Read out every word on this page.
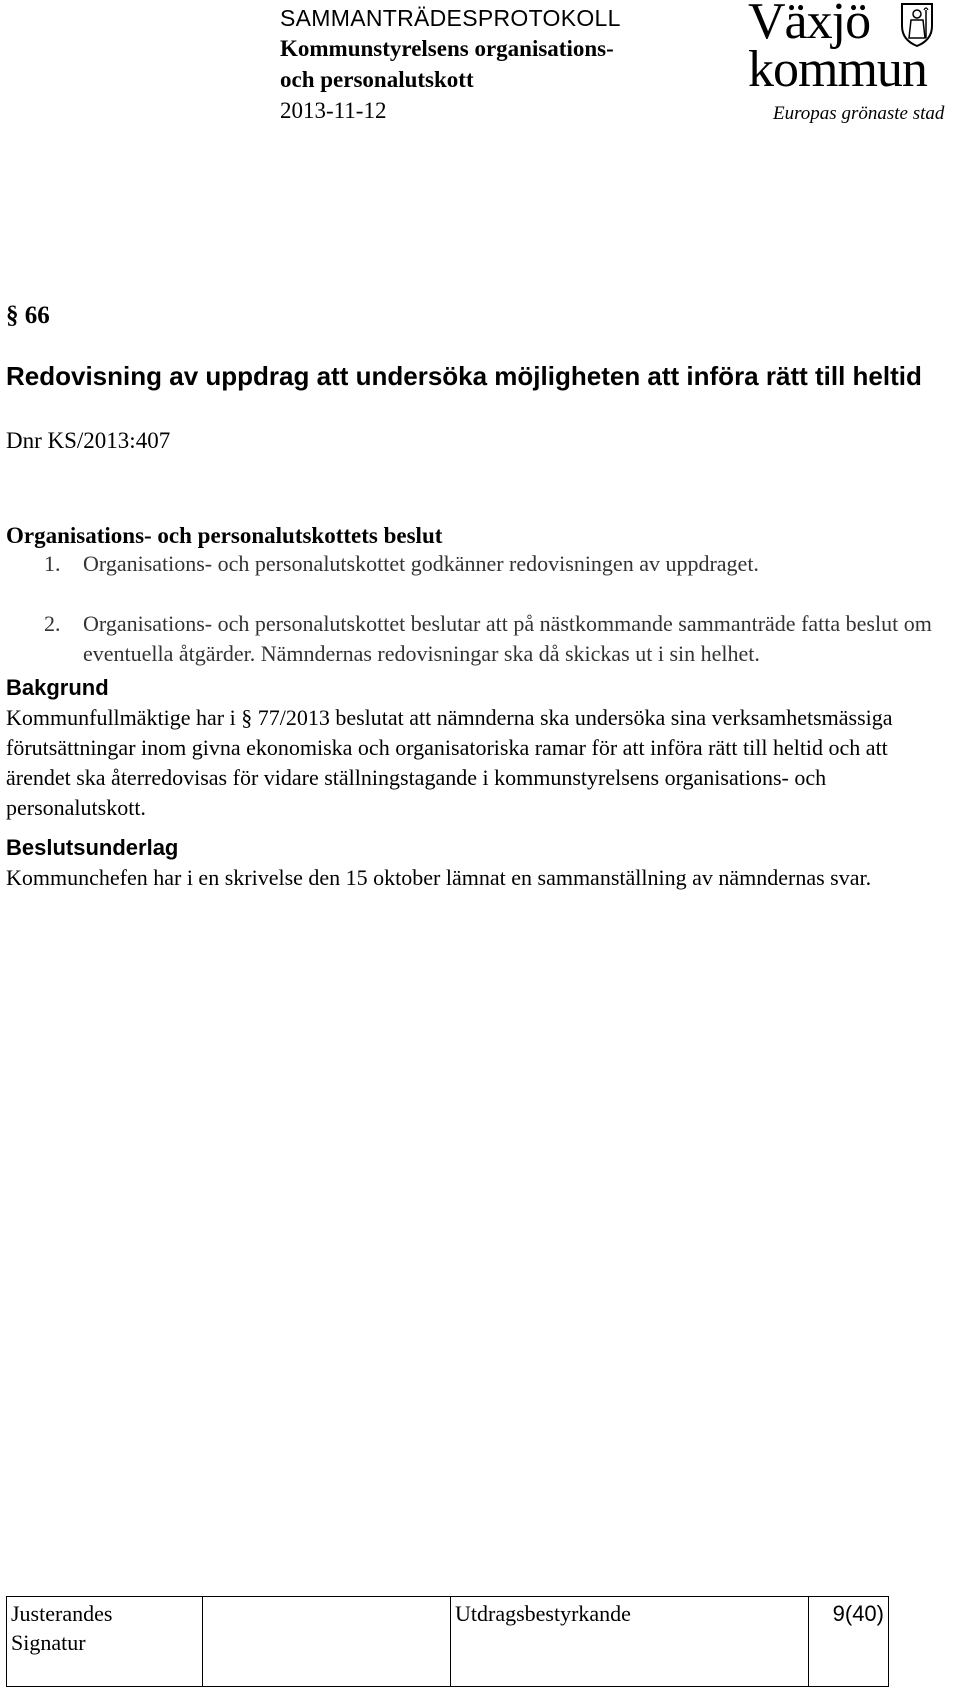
SAMMANTRÄDESPROTOKOLL
Kommunstyrelsens organisations-
och personalutskott
2013-11-12
Växjö
kommun
Europas grönaste stad
§ 66
Redovisning av uppdrag att undersöka möjligheten att införa rätt till heltid
Dnr KS/2013:407
Organisations- och personalutskottets beslut
1. Organisations- och personalutskottet godkänner redovisningen av uppdraget.
2. Organisations- och personalutskottet beslutar att på nästkommande sammanträde fatta beslut om eventuella åtgärder. Nämndernas redovisningar ska då skickas ut i sin helhet.
Bakgrund
Kommunfullmäktige har i § 77/2013 beslutat att nämnderna ska undersöka sina verksamhetsmässiga förutsättningar inom givna ekonomiska och organisatoriska ramar för att införa rätt till heltid och att ärendet ska återredovisas för vidare ställningstagande i kommunstyrelsens organisations- och personalutskott.
Beslutsunderlag
Kommunchefen har i en skrivelse den 15 oktober lämnat en sammanställning av nämndernas svar.
Justerandes
Signatur

Utdragsbestyrkande	9(40)
